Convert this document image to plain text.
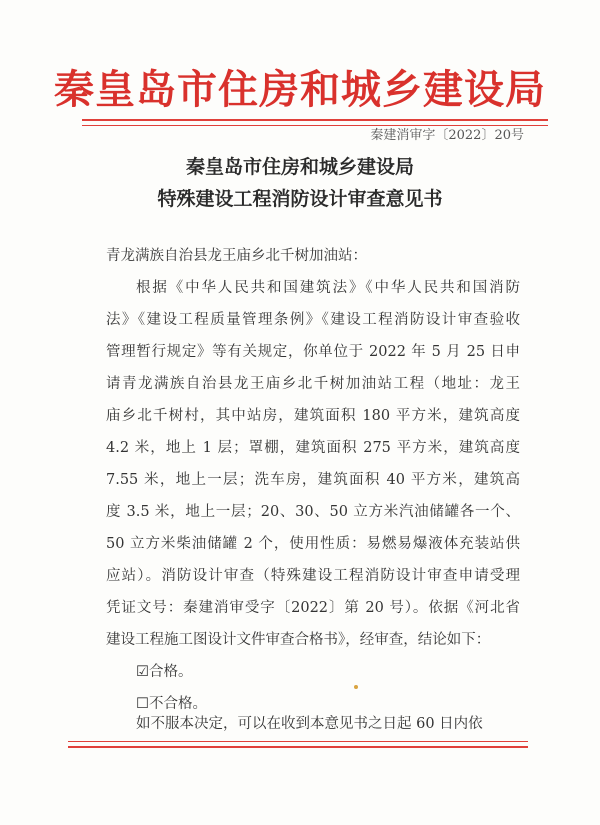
秦皇岛市住房和城乡建设局
秦建消审字〔2022〕20号
秦皇岛市住房和城乡建设局
特殊建设工程消防设计审查意见书
青龙满族自治县龙王庙乡北千树加油站：
根据《中华人民共和国建筑法》《中华人民共和国消防
法》《建设工程质量管理条例》《建设工程消防设计审查验收
管理暂行规定》等有关规定，你单位于 2022 年 5 月 25 日申
请青龙满族自治县龙王庙乡北千树加油站工程（地址：龙王
庙乡北千树村，其中站房，建筑面积 180 平方米，建筑高度
4.2 米，地上 1 层；罩棚，建筑面积 275 平方米，建筑高度
7.55 米，地上一层；洗车房，建筑面积 40 平方米，建筑高
度 3.5 米，地上一层；20、30、50 立方米汽油储罐各一个、
50 立方米柴油储罐 2 个，使用性质：易燃易爆液体充装站供
应站）。消防设计审查（特殊建设工程消防设计审查申请受理
凭证文号：秦建消审受字〔2022〕第 20 号）。依据《河北省
建设工程施工图设计文件审查合格书》，经审查，结论如下：
☑合格。
☐不合格。
如不服本决定，可以在收到本意见书之日起 60 日内依
